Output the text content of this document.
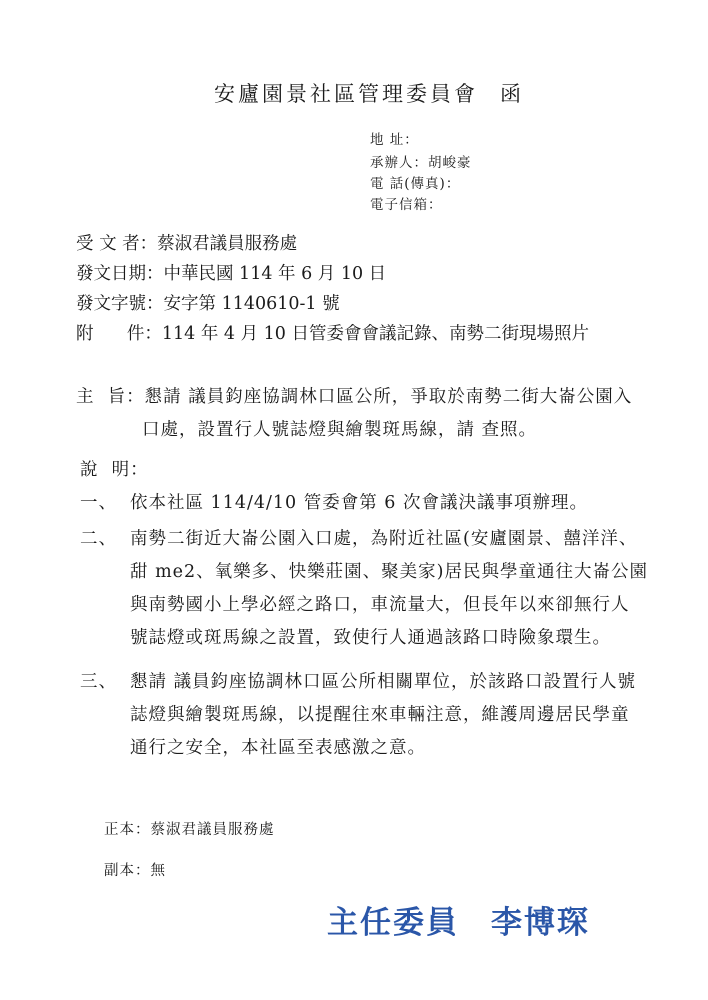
安廬園景社區管理委員會 函
地 址：
承辦人：胡峻豪
電 話(傳真)：
電子信箱：
受 文 者：蔡淑君議員服務處
發文日期：中華民國 114 年 6 月 10 日
發文字號：安字第 1140610-1 號
附      件：114 年 4 月 10 日管委會會議記錄、南勢二街現場照片
主  旨：懇請 議員鈞座協調林口區公所，爭取於南勢二街大崙公園入
口處，設置行人號誌燈與繪製斑馬線，請 查照。
說  明：
一、 依本社區 114/4/10 管委會第 6 次會議決議事項辦理。
二、 南勢二街近大崙公園入口處，為附近社區(安廬園景、囍洋洋、
甜 me2、氧樂多、快樂莊園、聚美家)居民與學童通往大崙公園
與南勢國小上學必經之路口，車流量大，但長年以來卻無行人
號誌燈或斑馬線之設置，致使行人通過該路口時險象環生。
三、 懇請 議員鈞座協調林口區公所相關單位，於該路口設置行人號
誌燈與繪製斑馬線，以提醒往來車輛注意，維護周邊居民學童
通行之安全，本社區至表感激之意。
正本：蔡淑君議員服務處
副本：無
主任委員 李博琛
